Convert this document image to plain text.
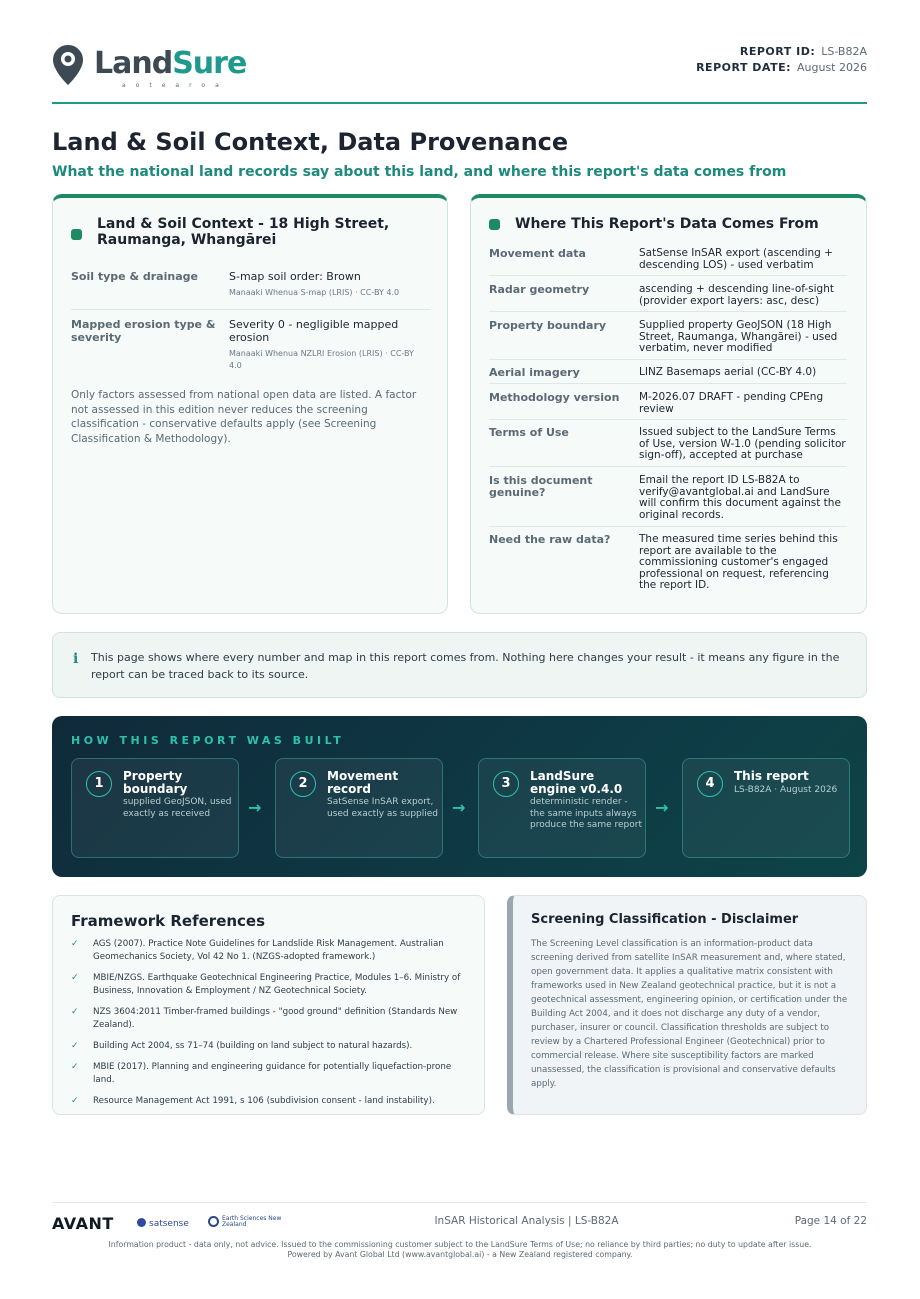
LandSure
aotearoa
REPORT ID: LS-B82A
REPORT DATE: August 2026
Land & Soil Context, Data Provenance
What the national land records say about this land, and where this report's data comes from
Land & Soil Context - 18 High Street, Raumanga, Whangārei
Soil type & drainage	S-map soil order: Brown
Manaaki Whenua S-map (LRIS) · CC-BY 4.0
Mapped erosion type & severity
Severity 0 - negligible mapped erosion
Manaaki Whenua NZLRI Erosion (LRIS) · CC-BY 4.0
Only factors assessed from national open data are listed. A factor not assessed in this edition never reduces the screening classification - conservative defaults apply (see Screening Classification & Methodology).
Where This Report's Data Comes From
Movement data	SatSense InSAR export (ascending + descending LOS) - used verbatim
Radar geometry	ascending + descending line-of-sight (provider export layers: asc, desc)
Property boundary	Supplied property GeoJSON (18 High Street, Raumanga, Whangārei) - used verbatim, never modified
Aerial imagery	LINZ Basemaps aerial (CC-BY 4.0)
Methodology version	M-2026.07 DRAFT - pending CPEng review
Terms of Use	Issued subject to the LandSure Terms of Use, version W-1.0 (pending solicitor sign-off), accepted at purchase
Is this document genuine?
Email the report ID LS-B82A to verify@avantglobal.ai and LandSure will confirm this document against the original records.
Need the raw data?	The measured time series behind this report are available to the commissioning customer's engaged professional on request, referencing the report ID.
i This page shows where every number and map in this report comes from. Nothing here changes your result - it means any figure in the report can be traced back to its source.
HOW THIS REPORT WAS BUILT
1	Property boundary
supplied GeoJSON, used exactly as received	→
2	Movement record
SatSense InSAR export, used exactly as supplied →
3	LandSure engine v0.4.0
deterministic render - the same inputs always produce the same report
→
4	This report
LS-B82A · August 2026
Framework References
✓ AGS (2007). Practice Note Guidelines for Landslide Risk Management. Australian Geomechanics Society, Vol 42 No 1. (NZGS-adopted framework.)
✓ MBIE/NZGS. Earthquake Geotechnical Engineering Practice, Modules 1–6. Ministry of Business, Innovation & Employment / NZ Geotechnical Society.
✓ NZS 3604:2011 Timber-framed buildings - "good ground" definition (Standards New Zealand).
✓ Building Act 2004, ss 71–74 (building on land subject to natural hazards).
✓ MBIE (2017). Planning and engineering guidance for potentially liquefaction-prone land.
✓ Resource Management Act 1991, s 106 (subdivision consent - land instability).
Screening Classification - Disclaimer
The Screening Level classification is an information-product data screening derived from satellite InSAR measurement and, where stated, open government data. It applies a qualitative matrix consistent with frameworks used in New Zealand geotechnical practice, but it is not a geotechnical assessment, engineering opinion, or certification under the Building Act 2004, and it does not discharge any duty of a vendor, purchaser, insurer or council. Classification thresholds are subject to review by a Chartered Professional Engineer (Geotechnical) prior to commercial release. Where site susceptibility factors are marked unassessed, the classification is provisional and conservative defaults apply.
AVANT	satsense
Earth Sciences New Zealand	InSAR Historical Analysis | LS-B82A	Page 14 of 22
Information product - data only, not advice. Issued to the commissioning customer subject to the LandSure Terms of Use; no reliance by third parties; no duty to update after issue.
Powered by Avant Global Ltd (www.avantglobal.ai) - a New Zealand registered company.
